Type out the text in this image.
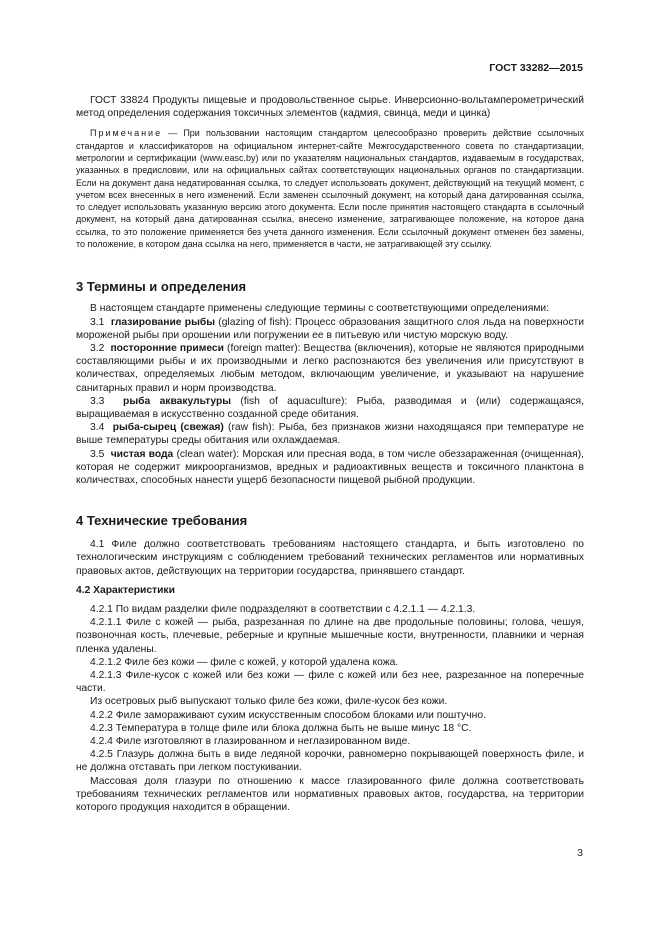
ГОСТ 33282—2015

ГОСТ 33824 Продукты пищевые и продовольственное сырье. Инверсионно-вольтамперометрический метод определения содержания токсичных элементов (кадмия, свинца, меди и цинка)

Примечание — При пользовании настоящим стандартом целесообразно проверить действие ссылочных стандартов и классификаторов на официальном интернет-сайте Межгосударственного совета по стандартизации, метрологии и сертификации (www.easc.by) или по указателям национальных стандартов, издаваемым в государствах, указанных в предисловии, или на официальных сайтах соответствующих национальных органов по стандартизации. Если на документ дана недатированная ссылка, то следует использовать документ, действующий на текущий момент, с учетом всех внесенных в него изменений. Если заменен ссылочный документ, на который дана датированная ссылка, то следует использовать указанную версию этого документа. Если после принятия настоящего стандарта в ссылочный документ, на который дана датированная ссылка, внесено изменение, затрагивающее положение, на которое дана ссылка, то это положение применяется без учета данного изменения. Если ссылочный документ отменен без замены, то положение, в котором дана ссылка на него, применяется в части, не затрагивающей эту ссылку.

3 Термины и определения

В настоящем стандарте применены следующие термины с соответствующими определениями:

3.1 глазирование рыбы (glazing of fish): Процесс образования защитного слоя льда на поверхности мороженой рыбы при орошении или погружении ее в питьевую или чистую морскую воду.

3.2 посторонние примеси (foreign matter): Вещества (включения), которые не являются природными составляющими рыбы и их производными и легко распознаются без увеличения или присутствуют в количествах, определяемых любым методом, включающим увеличение, и указывают на нарушение санитарных правил и норм производства.

3.3 рыба аквакультуры (fish of aquaculture): Рыба, разводимая и (или) содержащаяся, выращиваемая в искусственно созданной среде обитания.

3.4 рыба-сырец (свежая) (raw fish): Рыба, без признаков жизни находящаяся при температуре не выше температуры среды обитания или охлаждаемая.

3.5 чистая вода (clean water): Морская или пресная вода, в том числе обеззараженная (очищенная), которая не содержит микроорганизмов, вредных и радиоактивных веществ и токсичного планктона в количествах, способных нанести ущерб безопасности пищевой рыбной продукции.

4 Технические требования

4.1 Филе должно соответствовать требованиям настоящего стандарта, и быть изготовлено по технологическим инструкциям с соблюдением требований технических регламентов или нормативных правовых актов, действующих на территории государства, принявшего стандарт.

4.2 Характеристики

4.2.1 По видам разделки филе подразделяют в соответствии с 4.2.1.1 — 4.2.1.3.

4.2.1.1 Филе с кожей — рыба, разрезанная по длине на две продольные половины; голова, чешуя, позвоночная кость, плечевые, реберные и крупные мышечные кости, внутренности, плавники и черная пленка удалены.

4.2.1.2 Филе без кожи — филе с кожей, у которой удалена кожа.

4.2.1.3 Филе-кусок с кожей или без кожи — филе с кожей или без нее, разрезанное на поперечные части.

Из осетровых рыб выпускают только филе без кожи, филе-кусок без кожи.

4.2.2 Филе замораживают сухим искусственным способом блоками или поштучно.

4.2.3 Температура в толще филе или блока должна быть не выше минус 18 °С.

4.2.4 Филе изготовляют в глазированном и неглазированном виде.

4.2.5 Глазурь должна быть в виде ледяной корочки, равномерно покрывающей поверхность филе, и не должна отставать при легком постукивании.

Массовая доля глазури по отношению к массе глазированного филе должна соответствовать требованиям технических регламентов или нормативных правовых актов, государства, на территории которого продукция находится в обращении.

3
